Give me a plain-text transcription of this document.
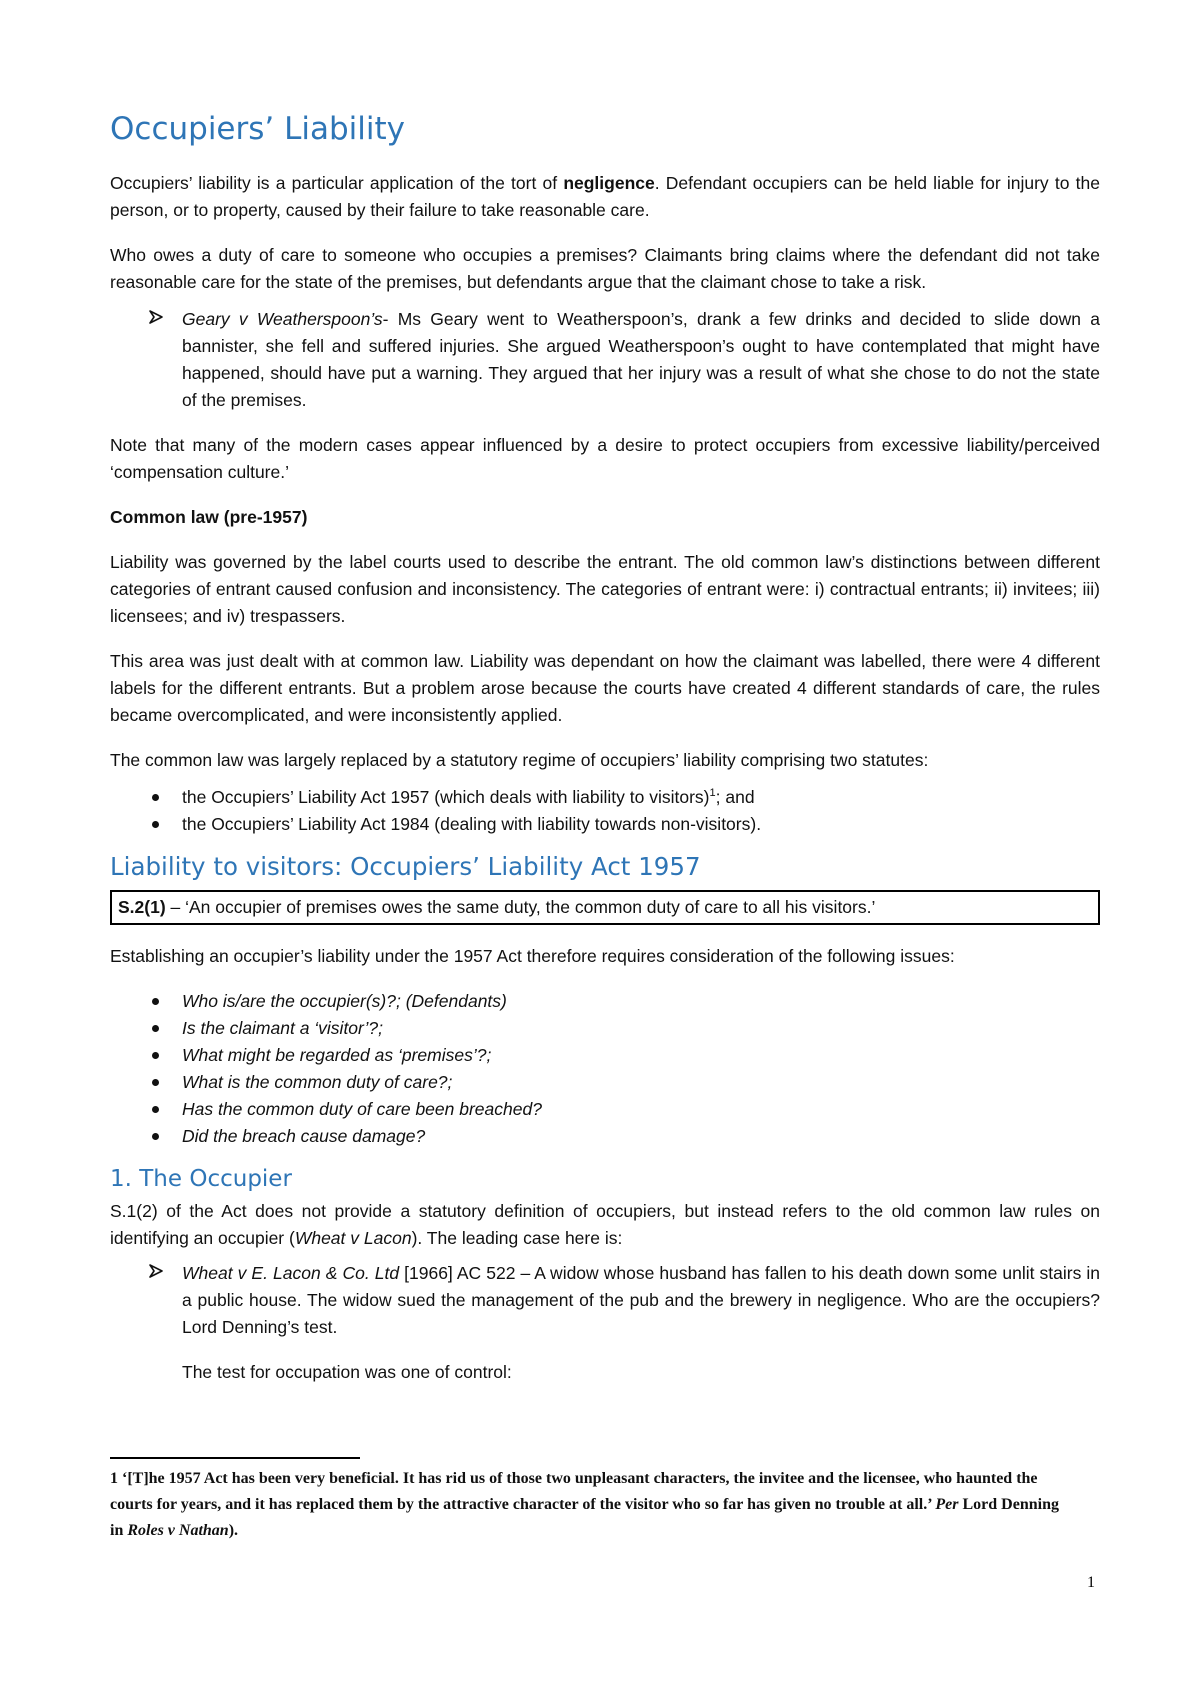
Occupiers’ Liability

Occupiers’ liability is a particular application of the tort of negligence. Defendant occupiers can be held liable for injury to the person, or to property, caused by their failure to take reasonable care.

Who owes a duty of care to someone who occupies a premises? Claimants bring claims where the defendant did not take reasonable care for the state of the premises, but defendants argue that the claimant chose to take a risk.

Geary v Weatherspoon’s- Ms Geary went to Weatherspoon’s, drank a few drinks and decided to slide down a bannister, she fell and suffered injuries. She argued Weatherspoon’s ought to have contemplated that might have happened, should have put a warning. They argued that her injury was a result of what she chose to do not the state of the premises.

Note that many of the modern cases appear influenced by a desire to protect occupiers from excessive liability/perceived ‘compensation culture.’

Common law (pre-1957)

Liability was governed by the label courts used to describe the entrant. The old common law’s distinctions between different categories of entrant caused confusion and inconsistency. The categories of entrant were: i) contractual entrants; ii) invitees; iii) licensees; and iv) trespassers.

This area was just dealt with at common law. Liability was dependant on how the claimant was labelled, there were 4 different labels for the different entrants. But a problem arose because the courts have created 4 different standards of care, the rules became overcomplicated, and were inconsistently applied.

The common law was largely replaced by a statutory regime of occupiers’ liability comprising two statutes:

the Occupiers’ Liability Act 1957 (which deals with liability to visitors)$^1$; and
the Occupiers’ Liability Act 1984 (dealing with liability towards non-visitors).
Liability to visitors: Occupiers’ Liability Act 1957
S.2(1) – ‘An occupier of premises owes the same duty, the common duty of care to all his visitors.’

Establishing an occupier’s liability under the 1957 Act therefore requires consideration of the following issues:

Who is/are the occupier(s)?; (Defendants)
Is the claimant a ‘visitor’?;
What might be regarded as ‘premises’?;
What is the common duty of care?;
Has the common duty of care been breached?
Did the breach cause damage?
1. The Occupier

S.1(2) of the Act does not provide a statutory definition of occupiers, but instead refers to the old common law rules on identifying an occupier (Wheat v Lacon). The leading case here is:

Wheat v E. Lacon & Co. Ltd [1966] AC 522 – A widow whose husband has fallen to his death down some unlit stairs in a public house. The widow sued the management of the pub and the brewery in negligence. Who are the occupiers? Lord Denning’s test.

The test for occupation was one of control:

1 ‘[T]he 1957 Act has been very beneficial. It has rid us of those two unpleasant characters, the invitee and the licensee, who haunted the courts for years, and it has replaced them by the attractive character of the visitor who so far has given no trouble at all.’ Per Lord Denning in Roles v Nathan).
1
